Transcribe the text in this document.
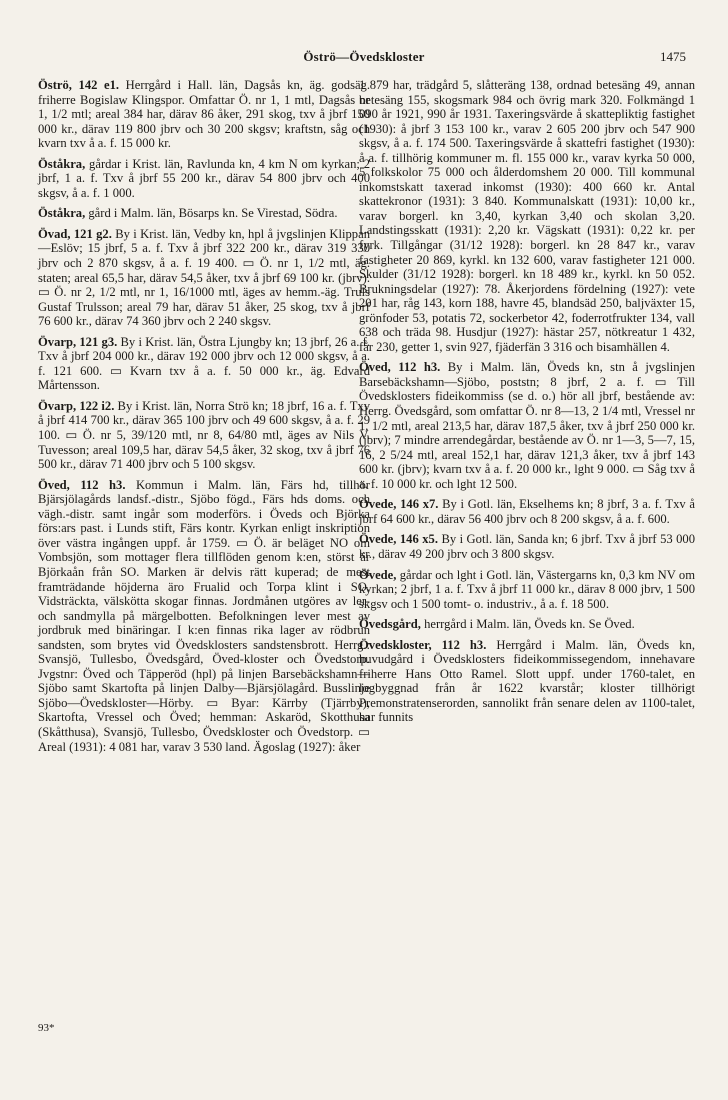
Öströ—Övedskloster	1475

Öströ, 142 e1. Herrgård i Hall. län, Dagsås kn, äg. godsäg. friherre Bogislaw Klingspor. Omfattar Ö. nr 1, 1 mtl, Dagsås nr 1, 1/2 mtl; areal 384 har, därav 86 åker, 291 skog, txv å jbrf 150 000 kr., därav 119 800 jbrv och 30 200 skgsv; kraftstn, såg och kvarn txv å a. f. 15 000 kr.

Öståkra, gårdar i Krist. län, Ravlunda kn, 4 km N om kyrkan; 2 jbrf, 1 a. f. Txv å jbrf 55 200 kr., därav 54 800 jbrv och 400 skgsv, å a. f. 1 000.

Öståkra, gård i Malm. län, Bösarps kn. Se Virestad, Södra.

Övad, 121 g2. By i Krist. län, Vedby kn, hpl å jvgslinjen Klippan—Eslöv; 15 jbrf, 5 a. f. Txv å jbrf 322 200 kr., därav 319 330 jbrv och 2 870 skgsv, å a. f. 19 400. ▭ Ö. nr 1, 1/2 mtl, äg. staten; areal 65,5 har, därav 54,5 åker, txv å jbrf 69 100 kr. (jbrv). ▭ Ö. nr 2, 1/2 mtl, nr 1, 16/1000 mtl, äges av hemm.-äg. Truls Gustaf Trulsson; areal 79 har, därav 51 åker, 25 skog, txv å jbrf 76 600 kr., därav 74 360 jbrv och 2 240 skgsv.

Övarp, 121 g3. By i Krist. län, Östra Ljungby kn; 13 jbrf, 26 a. f. Txv å jbrf 204 000 kr., därav 192 000 jbrv och 12 000 skgsv, å a. f. 121 600. ▭ Kvarn txv å a. f. 50 000 kr., äg. Edvard Mårtensson.

Övarp, 122 i2. By i Krist. län, Norra Strö kn; 18 jbrf, 16 a. f. Txv å jbrf 414 700 kr., därav 365 100 jbrv och 49 600 skgsv, å a. f. 29 100. ▭ Ö. nr 5, 39/120 mtl, nr 8, 64/80 mtl, äges av Nils V. Tuvesson; areal 109,5 har, därav 54,5 åker, 32 skog, txv å jbrf 76 500 kr., därav 71 400 jbrv och 5 100 skgsv.

Öved, 112 h3. Kommun i Malm. län, Färs hd, tillhör Bjärsjölagårds landsf.-distr., Sjöbo fögd., Färs hds doms. och vägh.-distr. samt ingår som moderförs. i Öveds och Björka förs:ars past. i Lunds stift, Färs kontr. Kyrkan enligt inskription över västra ingången uppf. år 1759. ▭ Ö. är beläget NO om Vombsjön, som mottager flera tillflöden genom k:en, störst är Björkaån från SO. Marken är delvis rätt kuperad; de mest framträdande höjderna äro Frualid och Torpa klint i SO. Vidsträckta, välskötta skogar finnas. Jordmånen utgöres av ler- och sandmylla på märgelbotten. Befolkningen lever mest av jordbruk med binäringar. I k:en finnas rika lager av rödbrun sandsten, som brytes vid Övedsklosters sandstensbrott. Herrg.: Svansjö, Tullesbo, Övedsgård, Öved-kloster och Övedstorp. Jvgstnr: Öved och Täpperöd (hpl) på linjen Barsebäckshamn—Sjöbo samt Skartofta på linjen Dalby—Bjärsjölagård. Busslinje Sjöbo—Övedskloster—Hörby. ▭ Byar: Kärrby (Tjärrby), Skartofta, Vressel och Öved; hemman: Askaröd, Skotthusa (Skåtthusa), Svansjö, Tullesbo, Övedskloster och Övedstorp. ▭ Areal (1931): 4 081 har, varav 3 530 land. Ägoslag (1927): åker

1 879 har, trädgård 5, slåtteräng 138, ordnad betesäng 49, annan betesäng 155, skogsmark 984 och övrig mark 320. Folkmängd 1 090 år 1921, 990 år 1931. Taxeringsvärde å skattepliktig fastighet (1930): å jbrf 3 153 100 kr., varav 2 605 200 jbrv och 547 900 skgsv, å a. f. 174 500. Taxeringsvärde å skattefri fastighet (1930): å a. f. tillhörig kommuner m. fl. 155 000 kr., varav kyrka 50 000, 5 folkskolor 75 000 och ålderdomshem 20 000. Till kommunal inkomstskatt taxerad inkomst (1930): 400 660 kr. Antal skattekronor (1931): 3 840. Kommunalskatt (1931): 10,00 kr., varav borgerl. kn 3,40, kyrkan 3,40 och skolan 3,20. Landstingsskatt (1931): 2,20 kr. Vägskatt (1931): 0,22 kr. per fyrk. Tillgångar (31/12 1928): borgerl. kn 28 847 kr., varav fastigheter 20 869, kyrkl. kn 132 600, varav fastigheter 121 000. Skulder (31/12 1928): borgerl. kn 18 489 kr., kyrkl. kn 50 052. Brukningsdelar (1927): 78. Åkerjordens fördelning (1927): vete 201 har, råg 143, korn 188, havre 45, blandsäd 250, baljväxter 15, grönfoder 53, potatis 72, sockerbetor 42, foderrotfrukter 134, vall 638 och träda 98. Husdjur (1927): hästar 257, nötkreatur 1 432, får 230, getter 1, svin 927, fjäderfän 3 316 och bisamhällen 4.

Öved, 112 h3. By i Malm. län, Öveds kn, stn å jvgslinjen Barsebäckshamn—Sjöbo, poststn; 8 jbrf, 2 a. f. ▭ Till Övedsklosters fideikommiss (se d. o.) hör all jbrf, bestående av: Herrg. Övedsgård, som omfattar Ö. nr 8—13, 2 1/4 mtl, Vressel nr 1, 1/2 mtl, areal 213,5 har, därav 187,5 åker, txv å jbrf 250 000 kr. (jbrv); 7 mindre arrendegårdar, bestående av Ö. nr 1—3, 5—7, 15, 16, 2 5/24 mtl, areal 152,1 har, därav 121,3 åker, txv å jbrf 143 600 kr. (jbrv); kvarn txv å a. f. 20 000 kr., lght 9 000. ▭ Såg txv å a. f. 10 000 kr. och lght 12 500.

Övede, 146 x7. By i Gotl. län, Ekselhems kn; 8 jbrf, 3 a. f. Txv å jbrf 64 600 kr., därav 56 400 jbrv och 8 200 skgsv, å a. f. 600.

Övede, 146 x5. By i Gotl. län, Sanda kn; 6 jbrf. Txv å jbrf 53 000 kr., därav 49 200 jbrv och 3 800 skgsv.

Övede, gårdar och lght i Gotl. län, Västergarns kn, 0,3 km NV om kyrkan; 2 jbrf, 1 a. f. Txv å jbrf 11 000 kr., därav 8 000 jbrv, 1 500 skgsv och 1 500 tomt- o. industriv., å a. f. 18 500.

Övedsgård, herrgård i Malm. län, Öveds kn. Se Öved.

Övedskloster, 112 h3. Herrgård i Malm. län, Öveds kn, huvudgård i Övedsklosters fideikommissegendom, innehavare friherre Hans Otto Ramel. Slott uppf. under 1760-talet, en logbyggnad från år 1622 kvarstår; kloster tillhörigt Premonstratenserorden, sannolikt från senare delen av 1100-talet, har funnits

93*
